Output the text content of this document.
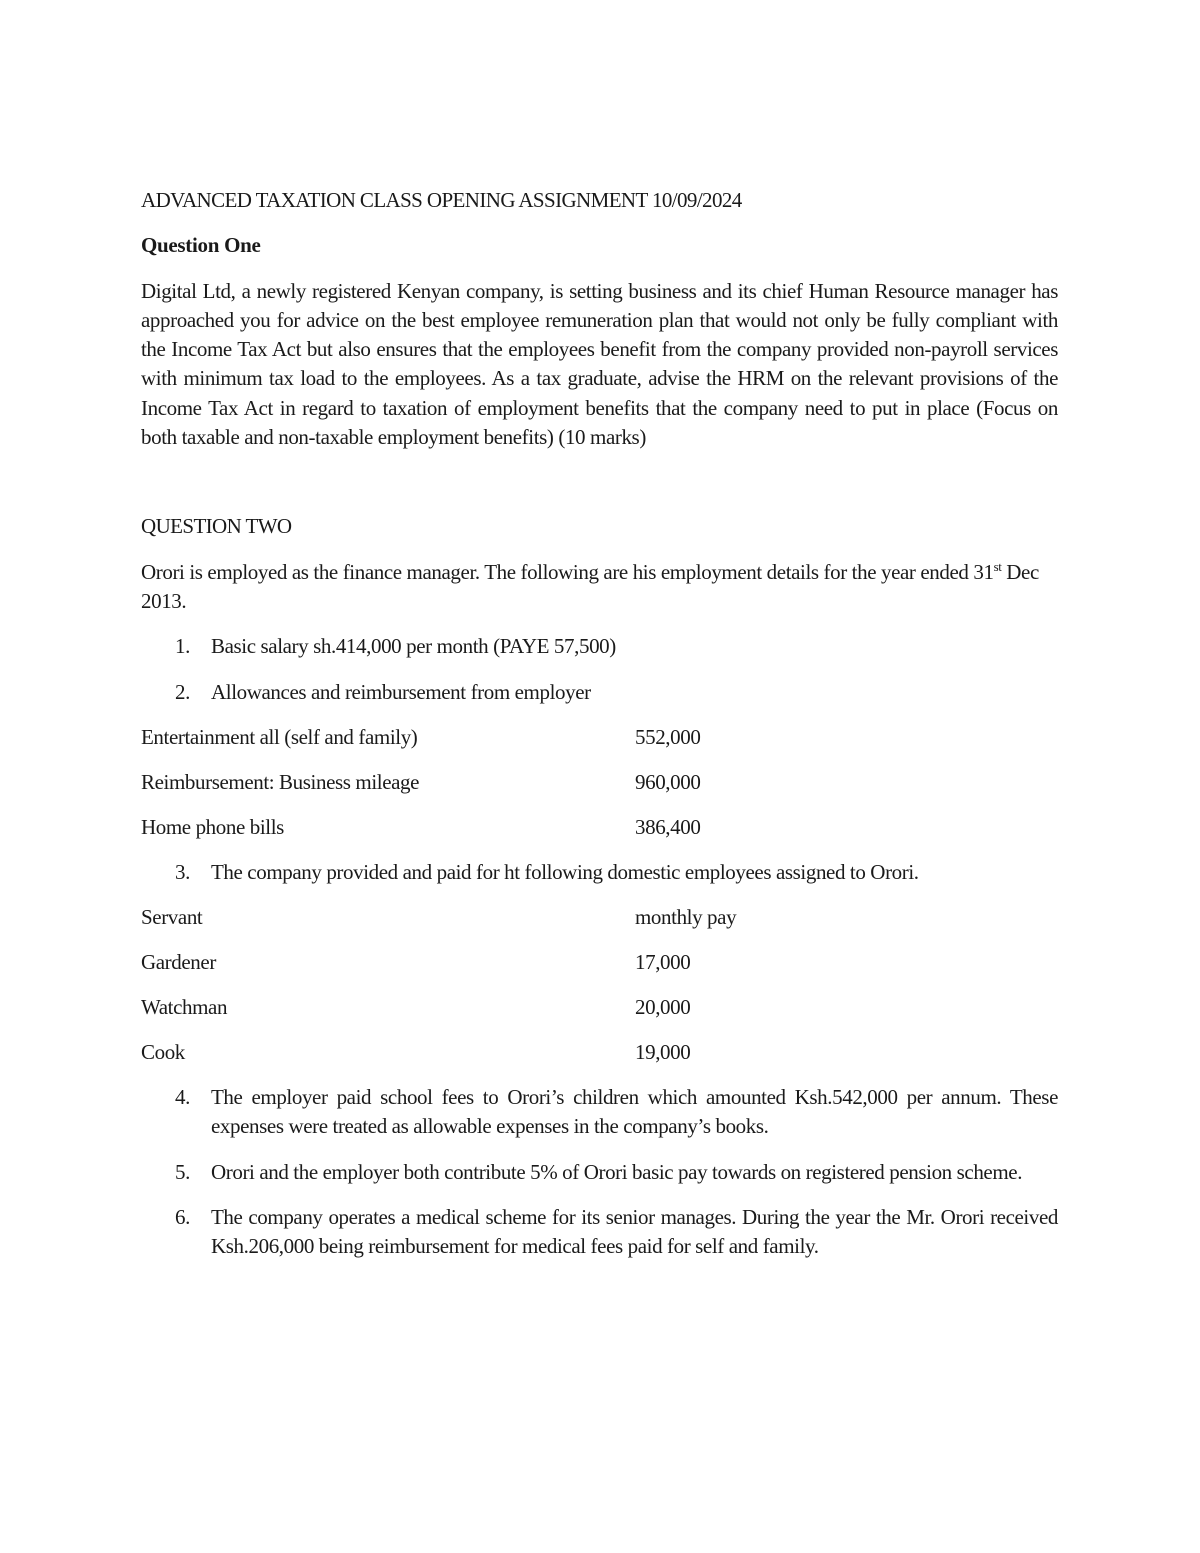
ADVANCED TAXATION CLASS OPENING ASSIGNMENT 10/09/2024
Question One

Digital Ltd, a newly registered Kenyan company, is setting business and its chief Human Resource manager has approached you for advice on the best employee remuneration plan that would not only be fully compliant with the Income Tax Act but also ensures that the employees benefit from the company provided non-payroll services with minimum tax load to the employees. As a tax graduate, advise the HRM on the relevant provisions of the Income Tax Act in regard to taxation of employment benefits that the company need to put in place (Focus on both taxable and non-taxable employment benefits) (10 marks)

QUESTION TWO

Orori is employed as the finance manager. The following are his employment details for the year ended 31st Dec 2013.

1. Basic salary sh.414,000 per month (PAYE 57,500)
2. Allowances and reimbursement from employer
Entertainment all (self and family)	552,000
Reimbursement: Business mileage	960,000
Home phone bills	386,400
3. The company provided and paid for ht following domestic employees assigned to Orori.
Servant	monthly pay
Gardener	17,000
Watchman	20,000
Cook	19,000
4. The employer paid school fees to Orori’s children which amounted Ksh.542,000 per annum. These expenses were treated as allowable expenses in the company’s books.
5. Orori and the employer both contribute 5% of Orori basic pay towards on registered pension scheme.
6. The company operates a medical scheme for its senior manages. During the year the Mr. Orori received Ksh.206,000 being reimbursement for medical fees paid for self and family.
